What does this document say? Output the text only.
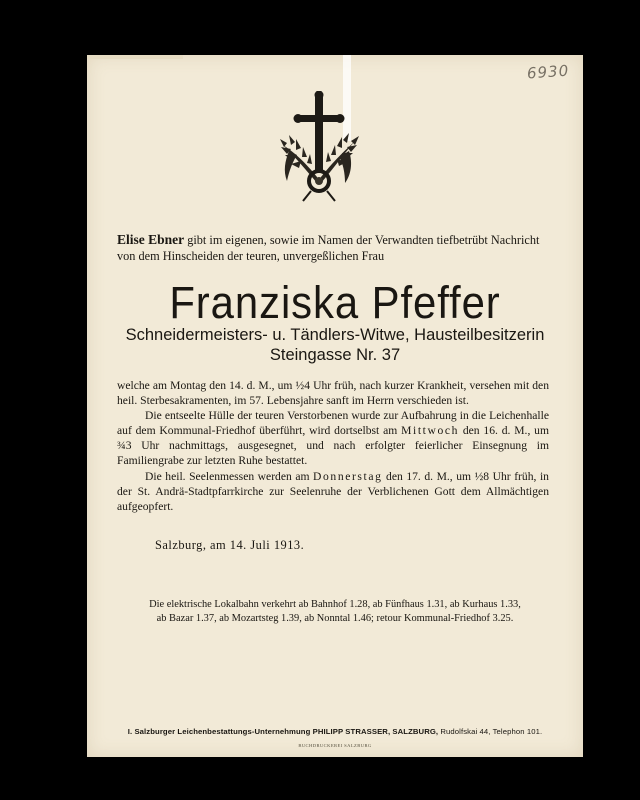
6930
Elise Ebner gibt im eigenen, sowie im Namen der Verwandten tiefbetrübt Nachricht von dem Hinscheiden der teuren, unvergeßlichen Frau
Franziska Pfeffer
Schneidermeisters- u. Tändlers-Witwe, Hausteilbesitzerin
Steingasse Nr. 37

welche am Montag den 14. d. M., um ½4 Uhr früh, nach kurzer Krankheit, versehen mit den heil. Sterbesakramenten, im 57. Lebensjahre sanft im Herrn verschieden ist.

Die entseelte Hülle der teuren Verstorbenen wurde zur Aufbahrung in die Leichenhalle auf dem Kommunal-Friedhof überführt, wird dortselbst am Mittwoch den 16. d. M., um ¾3 Uhr nachmittags, ausgesegnet, und nach erfolgter feierlicher Einsegnung im Familiengrabe zur letzten Ruhe bestattet.

Die heil. Seelenmessen werden am Donnerstag den 17. d. M., um ½8 Uhr früh, in der St. Andrä-Stadtpfarrkirche zur Seelenruhe der Verblichenen Gott dem Allmächtigen aufgeopfert.

Salzburg, am 14. Juli 1913.
Die elektrische Lokalbahn verkehrt ab Bahnhof 1.28, ab Fünfhaus 1.31, ab Kurhaus 1.33,
ab Bazar 1.37, ab Mozartsteg 1.39, ab Nonntal 1.46; retour Kommunal-Friedhof 3.25.
I. Salzburger Leichenbestattungs-Unternehmung PHILIPP STRASSER, SALZBURG, Rudolfskai 44, Telephon 101.
BUCHDRUCKEREI SALZBURG
